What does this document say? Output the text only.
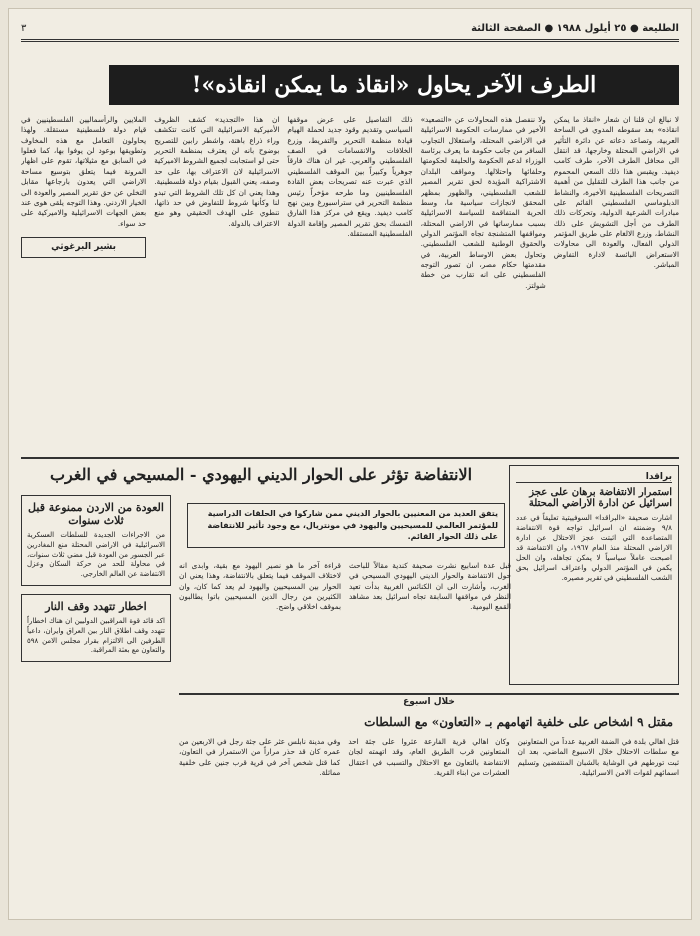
الطليعة ● ٢٥ أيلول ١٩٨٨ ● الصفحة الثالثة
٣
الطرف الآخر يحاول «انقاذ ما يمكن انقاذه»!
لا نبالغ ان قلنا ان شعار «انقاذ ما يمكن انقاذه» بعد سقوطه المدوي في الساحة العربية، وتصاعد دعاته عن دائرة التأثير في الاراضي المحتلة وخارجها، قد انتقل الى محافل الطرف الآخر، طرف كامب ديفيد. ويقبس هذا ذلك السعي المحموم من جانب هذا الطرف للتقليل من أهمية التصريحات الفلسطينية الأخيرة، والنشاط الدبلوماسي الفلسطيني القائم على مبادرات الشرعية الدولية، وتحركات ذلك الطرف من أجل التشويش على ذلك النشاط، وزرع الالغام على طريق المؤتمر الدولي الفعال، والعودة الى محاولات الاستعراض البائسة لادارة التفاوض المباشر.
ولا ننفصل هذه المحاولات عن «التصعيد» الأخير في ممارسات الحكومة الاسرائيلية في الاراضي المحتلة، واستغلال التجاوب السافر من جانب حكومة ما يعرف برئاسة الوزراء لدعم الحكومة والحليفة لحكومتها وحلفائها واحتلالها. ومواقف البلدان الاشتراكية المؤيدة لحق تقرير المصير للشعب الفلسطيني، والظهور بمظهر المحقق لانجازات سياسية ما، وسط الحرية المتفاقمة للسياسة الاسرائيلية بسبب ممارساتها في الاراضي المحتلة، ومواقفها المتشنجة تجاه المؤتمر الدولي والحقوق الوطنية للشعب الفلسطيني. وتحاول بعض الاوساط العربية، في مقدمتها حكام مصر، ان تصور التوجه الفلسطيني على انه تقارب من خطة شولتز.
ذلك التفاصيل على عرض موقفها السياسي وتقديم وقود جديد لحملة الهيام قيادة منظمة التحرير والتفريط، وزرع الخلافات والانقسامات في الصف الفلسطيني والعربي. غير ان هناك فارقاً جوهرياً وكبيراً بين الموقف الفلسطيني الذي عبرت عنه تصريحات بعض القادة الفلسطينيين وما طرحه مؤخراً رئيس منظمة التحرير في ستراسبورغ وبين نهج كامب ديفيد. ويقع في مركز هذا الفارق التمسك بحق تقرير المصير وإقامة الدولة الفلسطينية المستقلة.
ان هذا «التجديد» كشف الظروف الأميركية الاسرائيلية التي كانت تتكشف وراء ذراع باهتة، واشطر رابين للتصريح بوضوح بانه لن يعترف بمنظمة التحرير حتى لو استجابت لجميع الشروط الاميركية الاسرائيلية لان الاعتراف بها، على حد وصفه، يعني القبول بقيام دولة فلسطينية. وهذا يعني ان كل تلك الشروط التي تبدو لنا وكأنها شروط للتفاوض في حد ذاتها، تنطوي على الهدف الحقيقي وهو منع الاعتراف بالدولة.
الملايين والرأسماليين الفلسطينيين في قيام دولة فلسطينية مستقلة. ولهذا يحاولون التعامل مع هذه المخاوف وتطويقها بوعود لن يوفوا بها، كما فعلوا في السابق مع مثيلاتها، تقوم على اظهار المرونة فيما يتعلق بتوسيع مساحة الاراضي التي يعدون بارجاعها مقابل التخلي عن حق تقرير المصير والعودة الى الخيار الاردني. وهذا التوجه يلقى هوى عند بعض الجهات الاسرائيلية والاميركية على حد سواء.
بشير البرغوثي
الانتفاضة تؤثر على الحوار الديني اليهودي - المسيحي في الغرب	براقدا
استمرار الانتفاضة برهان على عجز اسرائيل عن ادارة الاراضي المحتلة
اشارت صحيفة «البراقدا» السوفييتية تعليقاً في عدد ٩/٨ وضمنته ان اسرائيل تواجه قوة الانتفاضة المتصاعدة التي اثبتت عجز الاحتلال عن ادارة الاراضي المحتلة منذ العام ١٩٦٧، وان الانتفاضة قد اصبحت عاملاً سياسياً لا يمكن تجاهله، وان الحل يكمن في المؤتمر الدولي واعتراف اسرائيل بحق الشعب الفلسطيني في تقرير مصيره.
قبل عدة اسابيع نشرت صحيفة كندية مقالاً للباحث حول الانتفاضة والحوار الديني اليهودي المسيحي في الغرب، وأشارت الى ان الكنائس الغربية بدأت تعيد النظر في مواقفها السابقة تجاه اسرائيل بعد مشاهد القمع اليومية.
قراءة آخر ما هو نصير اليهود مع بقية، وابدى انه لاختلاف الموقف فيما يتعلق بالانتفاضة، وهذا يعني ان الحوار بين المسيحيين واليهود لم يعد كما كان، وان الكثيرين من رجال الدين المسيحيين باتوا يطالبون بموقف اخلاقي واضح.
يتفق العديد من المعنيين بالحوار الديني ممن شاركوا في الحلقات الدراسية للمؤتمر العالمي للمسيحيين واليهود في مونتريال، مع وجود تأثير للانتفاضة على ذلك الحوار القائم.
العودة من الاردن ممنوعة قبل ثلاث سنوات
من الاجراءات الجديدة للسلطات العسكرية الاسرائيلية في الاراضي المحتلة منع المغادرين عبر الجسور من العودة قبل مضي ثلاث سنوات، في محاولة للحد من حركة السكان وعزل الانتفاضة عن العالم الخارجي.
اخطار تتهدد وقف النار
اكد قائد قوة المراقبين الدوليين ان هناك اخطاراً تتهدد وقف اطلاق النار بين العراق وايران، داعياً الطرفين الى الالتزام بقرار مجلس الامن ٥٩٨ والتعاون مع بعثة المراقبة.
خلال اسبوع
مقتل ٩ اشخاص على خلفية اتهامهم بـ «التعاون» مع السلطات
قتل اهالي بلدة في الضفة الغربية عدداً من المتعاونين مع سلطات الاحتلال خلال الاسبوع الماضي، بعد ان ثبت تورطهم في الوشاية بالشبان المنتفضين وتسليم اسمائهم لقوات الامن الاسرائيلية.
وكان اهالي قرية الفارعة عثروا على جثة احد المتعاونين قرب الطريق العام، وقد اتهمته لجان الانتفاضة بالتعاون مع الاحتلال والتسبب في اعتقال العشرات من ابناء القرية.
وفي مدينة نابلس عثر على جثة رجل في الاربعين من عمره كان قد حذر مراراً من الاستمرار في التعاون، كما قتل شخص آخر في قرية قرب جنين على خلفية مماثلة.
